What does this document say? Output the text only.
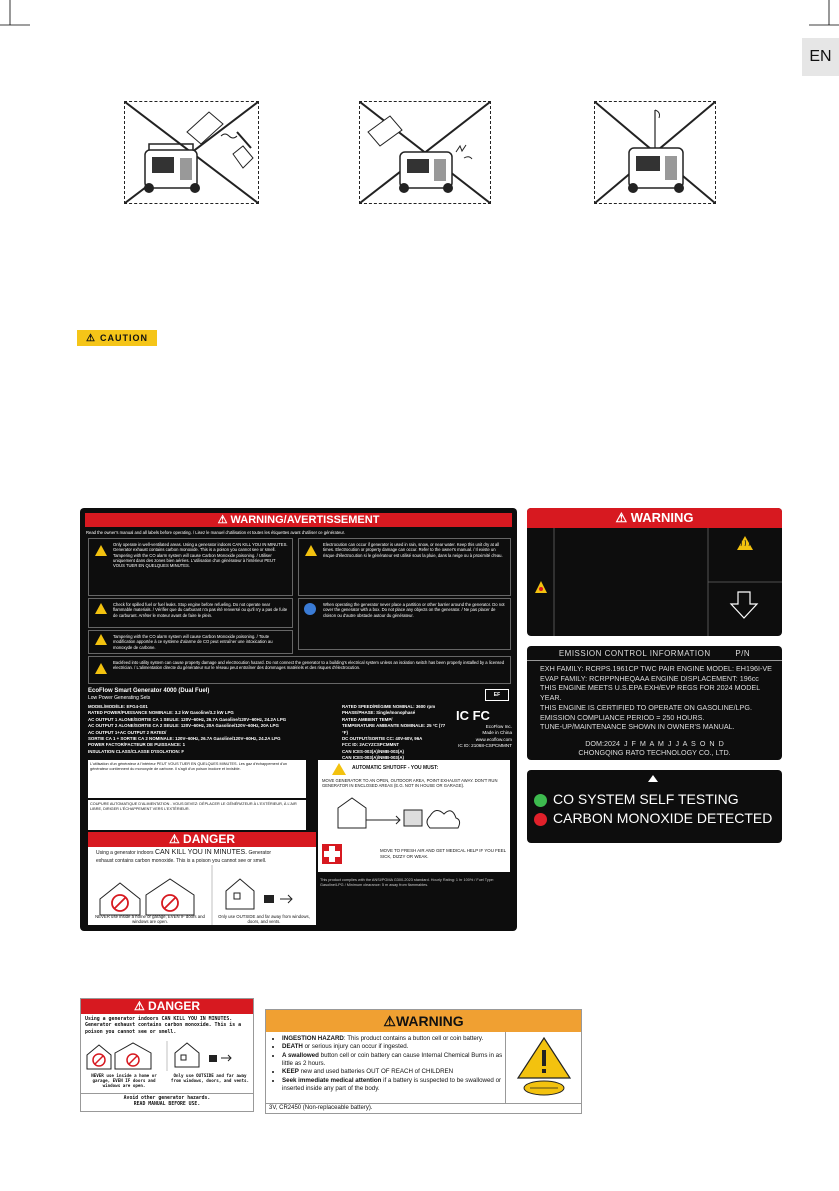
EN
⚠ CAUTION
⚠ WARNING/AVERTISSEMENT
Read the owner's manual and all labels before operating. / Lisez le manuel d'utilisation et toutes les étiquettes avant d'utiliser ce générateur.
Only operate in well-ventilated areas. Using a generator indoors CAN KILL YOU IN MINUTES. Generator exhaust contains carbon monoxide. This is a poison you cannot see or smell. Tampering with the CO alarm system will cause Carbon Monoxide poisoning. / Utiliser uniquement dans des zones bien aérées. L'utilisation d'un générateur à l'intérieur PEUT VOUS TUER EN QUELQUES MINUTES.
Electrocution can occur if generator is used in rain, snow, or near water. Keep this unit dry at all times. Electrocution or property damage can occur. Refer to the owner's manual. / Il existe un risque d'électrocution si le générateur est utilisé sous la pluie, dans la neige ou à proximité d'eau.
Check for spilled fuel or fuel leaks. Stop engine before refueling. Do not operate near flammable materials. / Vérifier que du carburant n'a pas été renversé ou qu'il n'y a pas de fuite de carburant. Arrêter le moteur avant de faire le plein.
When operating the generator never place a partition or other barrier around the generator. Do not cover the generator with a box. Do not place any objects on the generator. / Ne pas placer de cloison ou d'autre obstacle autour du générateur.
Tampering with the CO alarm system will cause Carbon Monoxide poisoning. / Toute modification apportée à ce système d'alarme de CO peut entraîner une intoxication au monoxyde de carbone.
Backfeed into utility system can cause property damage and electrocution hazard. Do not connect the generator to a building's electrical system unless an isolation switch has been properly installed by a licensed electrician. / L'alimentation directe du générateur sur le réseau peut entraîner des dommages matériels et des risques d'électrocution.
EcoFlow Smart Generator 4000 (Dual Fuel)
Low Power Generating Sets
MODEL/MODÈLE: EFG4-G01
RATED POWER/PUISSANCE NOMINALE: 3.2 kW Gasoline/3.2 kW LPG
AC OUTPUT 1 ALONE/SORTIE CA 1 SEULE: 120V~60Hz, 26.7A Gasoline/120V~60Hz, 24.2A LPG
AC OUTPUT 2 ALONE/SORTIE CA 2 SEULE: 120V~60Hz, 20A Gasoline/120V~60Hz, 20A LPG
AC OUTPUT 1+AC OUTPUT 2 RATED/
SORTIE CA 1 + SORTIE CA 2 NOMINALE: 120V~60Hz, 26.7A Gasoline/120V~60Hz, 24.2A LPG
POWER FACTOR/FACTEUR DE PUISSANCE: 1
INSULATION CLASS/CLASSE D'ISOLATION: F
RATED SPEED/RÉGIME NOMINAL: 3600 rpm
PHASE/PHASE: Single/monophasé
RATED AMBIENT TEMP/
TEMPERATURE AMBIANTE NOMINALE: 25 °C (77 °F)
DC OUTPUT/SORTIE CC: 40V-60V, 96A
FCC ID: 2ACYZCSPCMMNT
CAN ICES-003(A)/NMB-003(A)
CAN ICES-003(A)/NMB-003(A)
EF
IC FC
EcoFlow Inc.
Made in China
www.ecoflow.com
IC ID: 21068-CSPCMMNT
L'utilisation d'un générateur à l'intérieur PEUT VOUS TUER EN QUELQUES MINUTES. Les gaz d'échappement d'un générateur contiennent du monoxyde de carbone. Il s'agit d'un poison inodore et invisible.
COUPURE AUTOMATIQUE D'ALIMENTATION - VOUS DEVEZ: DÉPLACER LE GÉNÉRATEUR À L'EXTÉRIEUR, À L'AIR LIBRE, DIRIGER L'ÉCHAPPEMENT VERS L'EXTÉRIEUR.
⚠ DANGER
Using a generator indoors CAN KILL YOU IN MINUTES. Generator
exhaust contains carbon monoxide. This is a poison you cannot see or smell.
NEVER use inside a home or garage, EVEN IF doors and windows are open.
Only use OUTSIDE and far away from windows, doors, and vents.
AUTOMATIC SHUTOFF - YOU MUST:
MOVE GENERATOR TO AN OPEN, OUTDOOR AREA, POINT EXHAUST AWAY. DON'T RUN GENERATOR IN ENCLOSED AREAS (E.G. NOT IN HOUSE OR GARAGE).
MOVE TO FRESH AIR AND GET MEDICAL HELP IF YOU FEEL SICK, DIZZY OR WEAK.
This product complies with the ANSI/PGMA G300-2023 standard. Hourly Rating: 1 hr 100% / Fuel Type: Gasoline/LPG / Minimum clearance: 5 m away from flammables.
⚠ WARNING
EMISSION CONTROL INFORMATION	P/N
EXH FAMILY: RCRPS.1961CP TWC PAIR ENGINE MODEL: EH196I-VE
EVAP FAMILY: RCRPPNHEQAAA ENGINE DISPLACEMENT: 196cc
THIS ENGINE MEETS U.S.EPA EXH/EVP REGS FOR 2024 MODEL YEAR.
THIS ENGINE IS CERTIFIED TO OPERATE ON GASOLINE/LPG.
EMISSION COMPLIANCE PERIOD = 250 HOURS.
TUNE-UP/MAINTENANCE SHOWN IN OWNER'S MANUAL.
DOM:2024 J  F  M  A  M  J  J  A  S  O  N  D
CHONGQING RATO TECHNOLOGY CO., LTD.
CO SYSTEM SELF TESTING
CARBON MONOXIDE DETECTED
⚠ DANGER
Using a generator indoors CAN KILL YOU IN MINUTES. Generator exhaust contains carbon monoxide. This is a poison you cannot see or smell.
NEVER use inside a home or garage, EVEN IF doors and windows are open.
Only use OUTSIDE and far away from windows, doors, and vents.
Avoid other generator hazards.
READ MANUAL BEFORE USE.
⚠WARNING
• INGESTION HAZARD: This product contains a button cell or coin battery.
• DEATH or serious injury can occur if ingested.
• A swallowed button cell or coin battery can cause Internal Chemical Burns in as little as 2 hours.
• KEEP new and used batteries OUT OF REACH of CHILDREN
• Seek immediate medical attention if a battery is suspected to be swallowed or inserted inside any part of the body.
3V, CR2450 (Non-replaceable battery).
